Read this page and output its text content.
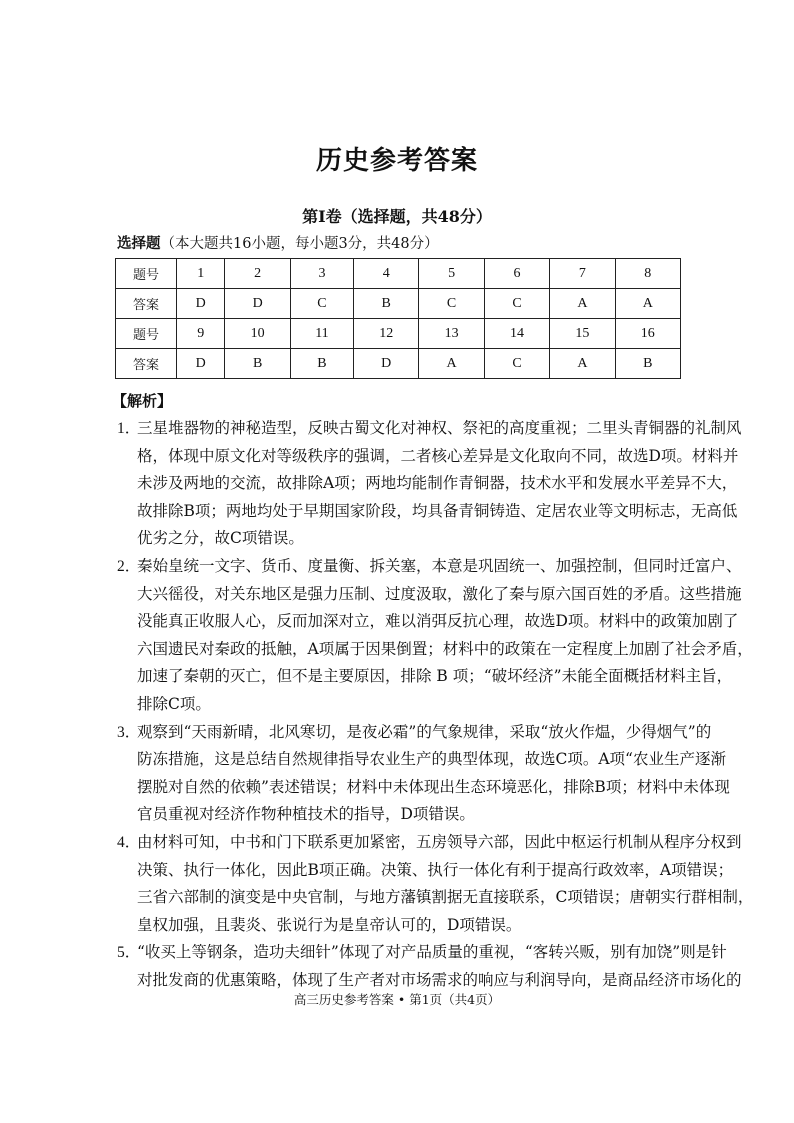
历史参考答案
第Ⅰ卷（选择题，共48分）
选择题（本大题共16小题，每小题3分，共48分）
题号	1	2	3	4	5	6	7	8
答案	D	D	C	B	C	C	A	A
题号	9	10	11	12	13	14	15	16
答案	D	B	B	D	A	C	A	B
【解析】
1．
三星堆器物的神秘造型，反映古蜀文化对神权、祭祀的高度重视；二里头青铜器的礼制风
格，体现中原文化对等级秩序的强调，二者核心差异是文化取向不同，故选D项。材料并
未涉及两地的交流，故排除A项；两地均能制作青铜器，技术水平和发展水平差异不大，
故排除B项；两地均处于早期国家阶段，均具备青铜铸造、定居农业等文明标志，无高低
优劣之分，故C项错误。
2．
秦始皇统一文字、货币、度量衡、拆关塞，本意是巩固统一、加强控制，但同时迁富户、
大兴徭役，对关东地区是强力压制、过度汲取，激化了秦与原六国百姓的矛盾。这些措施
没能真正收服人心，反而加深对立，难以消弭反抗心理，故选D项。材料中的政策加剧了
六国遗民对秦政的抵触，A项属于因果倒置；材料中的政策在一定程度上加剧了社会矛盾，
加速了秦朝的灭亡，但不是主要原因，排除 B 项；“破坏经济”未能全面概括材料主旨，
排除C项。
3．
观察到“天雨新晴，北风寒切，是夜必霜”的气象规律，采取“放火作煴，少得烟气”的
防冻措施，这是总结自然规律指导农业生产的典型体现，故选C项。A项“农业生产逐渐
摆脱对自然的依赖”表述错误；材料中未体现出生态环境恶化，排除B项；材料中未体现
官员重视对经济作物种植技术的指导，D项错误。
4．
由材料可知，中书和门下联系更加紧密，五房领导六部，因此中枢运行机制从程序分权到
决策、执行一体化，因此B项正确。决策、执行一体化有利于提高行政效率，A项错误；
三省六部制的演变是中央官制，与地方藩镇割据无直接联系，C项错误；唐朝实行群相制，
皇权加强，且裴炎、张说行为是皇帝认可的，D项错误。
5．
“收买上等钢条，造功夫细针”体现了对产品质量的重视，“客转兴贩，别有加饶”则是针
对批发商的优惠策略，体现了生产者对市场需求的响应与利润导向，是商品经济市场化的
高三历史参考答案 • 第1页（共4页）
